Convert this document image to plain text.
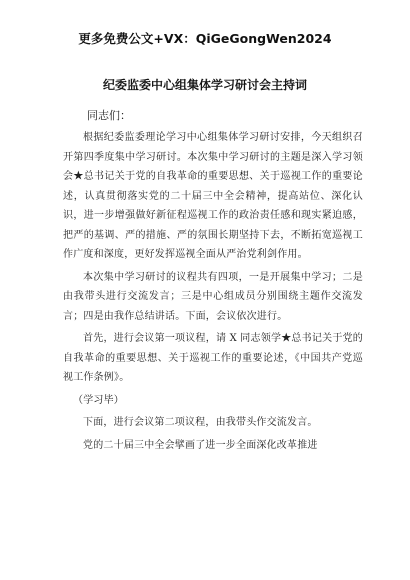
更多免费公文+VX：QiGeGongWen2024
纪委监委中心组集体学习研讨会主持词

同志们：

根据纪委监委理论学习中心组集体学习研讨安排，今天组织召开第四季度集中学习研讨。本次集中学习研讨的主题是深入学习领会★总书记关于党的自我革命的重要思想、关于巡视工作的重要论述，认真贯彻落实党的二十届三中全会精神，提高站位、深化认识，进一步增强做好新征程巡视工作的政治责任感和现实紧迫感，把严的基调、严的措施、严的氛围长期坚持下去，不断拓宽巡视工作广度和深度，更好发挥巡视全面从严治党利剑作用。

本次集中学习研讨的议程共有四项，一是开展集中学习；二是由我带头进行交流发言；三是中心组成员分别围绕主题作交流发言；四是由我作总结讲话。下面，会议依次进行。

首先，进行会议第一项议程，请 X 同志领学★总书记关于党的自我革命的重要思想、关于巡视工作的重要论述，《中国共产党巡视工作条例》。

（学习毕）

下面，进行会议第二项议程，由我带头作交流发言。

党的二十届三中全会擘画了进一步全面深化改革推进
